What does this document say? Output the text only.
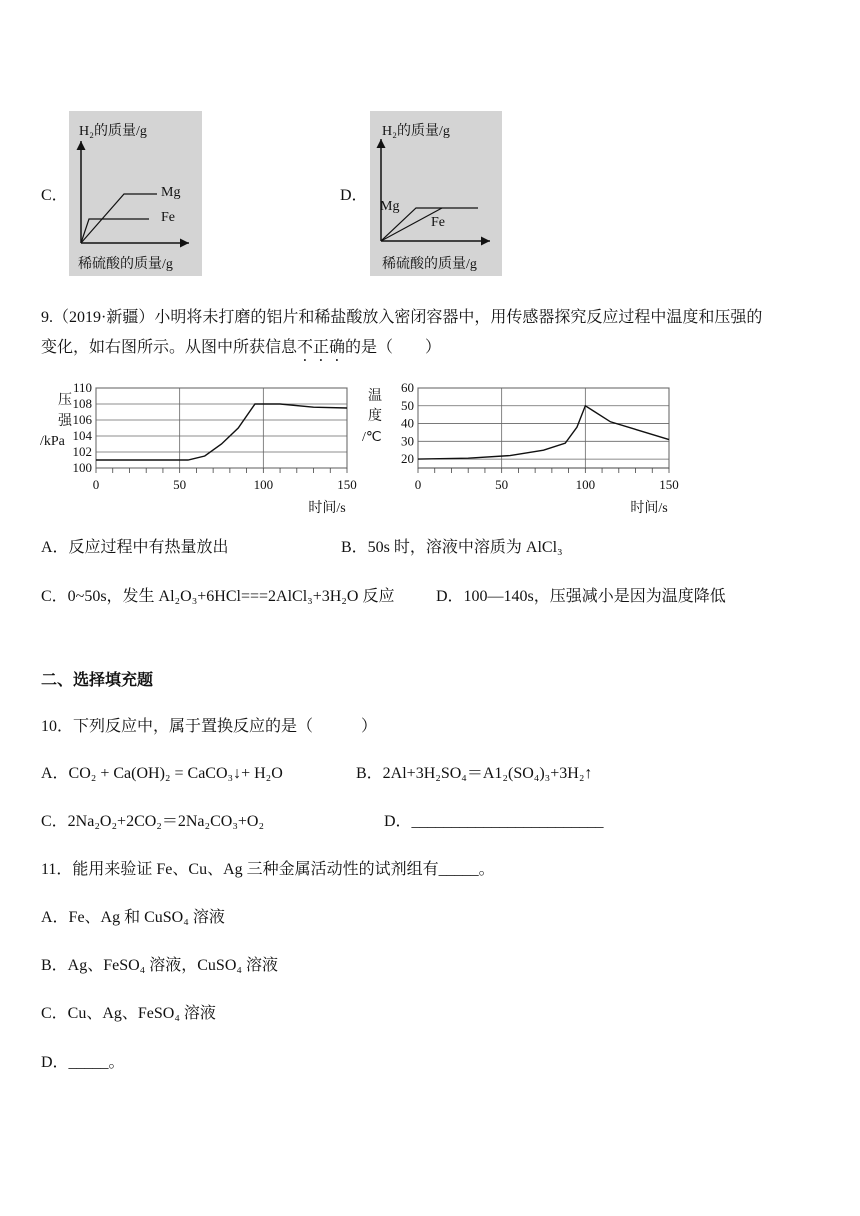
C．
H₂的质量/g
Mg
Fe
稀硫酸的质量/g
D．
H₂的质量/g
Mg
Fe
稀硫酸的质量/g
9.（2019·新疆）小明将未打磨的铝片和稀盐酸放入密闭容器中，用传感器探究反应过程中温度和压强的
变化，如右图所示。从图中所获信息不正确的是（　　）
100
102
104
106
108
110
0	50	100	150
压
强
/kPa
时间/s
20
30
40
50
60
0	50	100	150
温
度
/℃
时间/s
A．反应过程中有热量放出	B．50s 时，溶液中溶质为 AlCl₃
C．0~50s，发生 Al₂O₃+6HCl===2AlCl₃+3H₂O 反应	D．100—140s，压强减小是因为温度降低
二、选择填充题
10．下列反应中，属于置换反应的是（　　　）
A．CO₂ + Ca(OH)₂ = CaCO₃↓+ H₂O	B．2Al+3H₂SO₄＝A1₂(SO₄)₃+3H₂↑
C．2Na₂O₂+2CO₂＝2Na₂CO₃+O₂	D．________________________
11．能用来验证 Fe、Cu、Ag 三种金属活动性的试剂组有_____。
A．Fe、Ag 和 CuSO₄ 溶液
B．Ag、FeSO₄ 溶液，CuSO₄ 溶液
C．Cu、Ag、FeSO₄ 溶液
D．_____。
